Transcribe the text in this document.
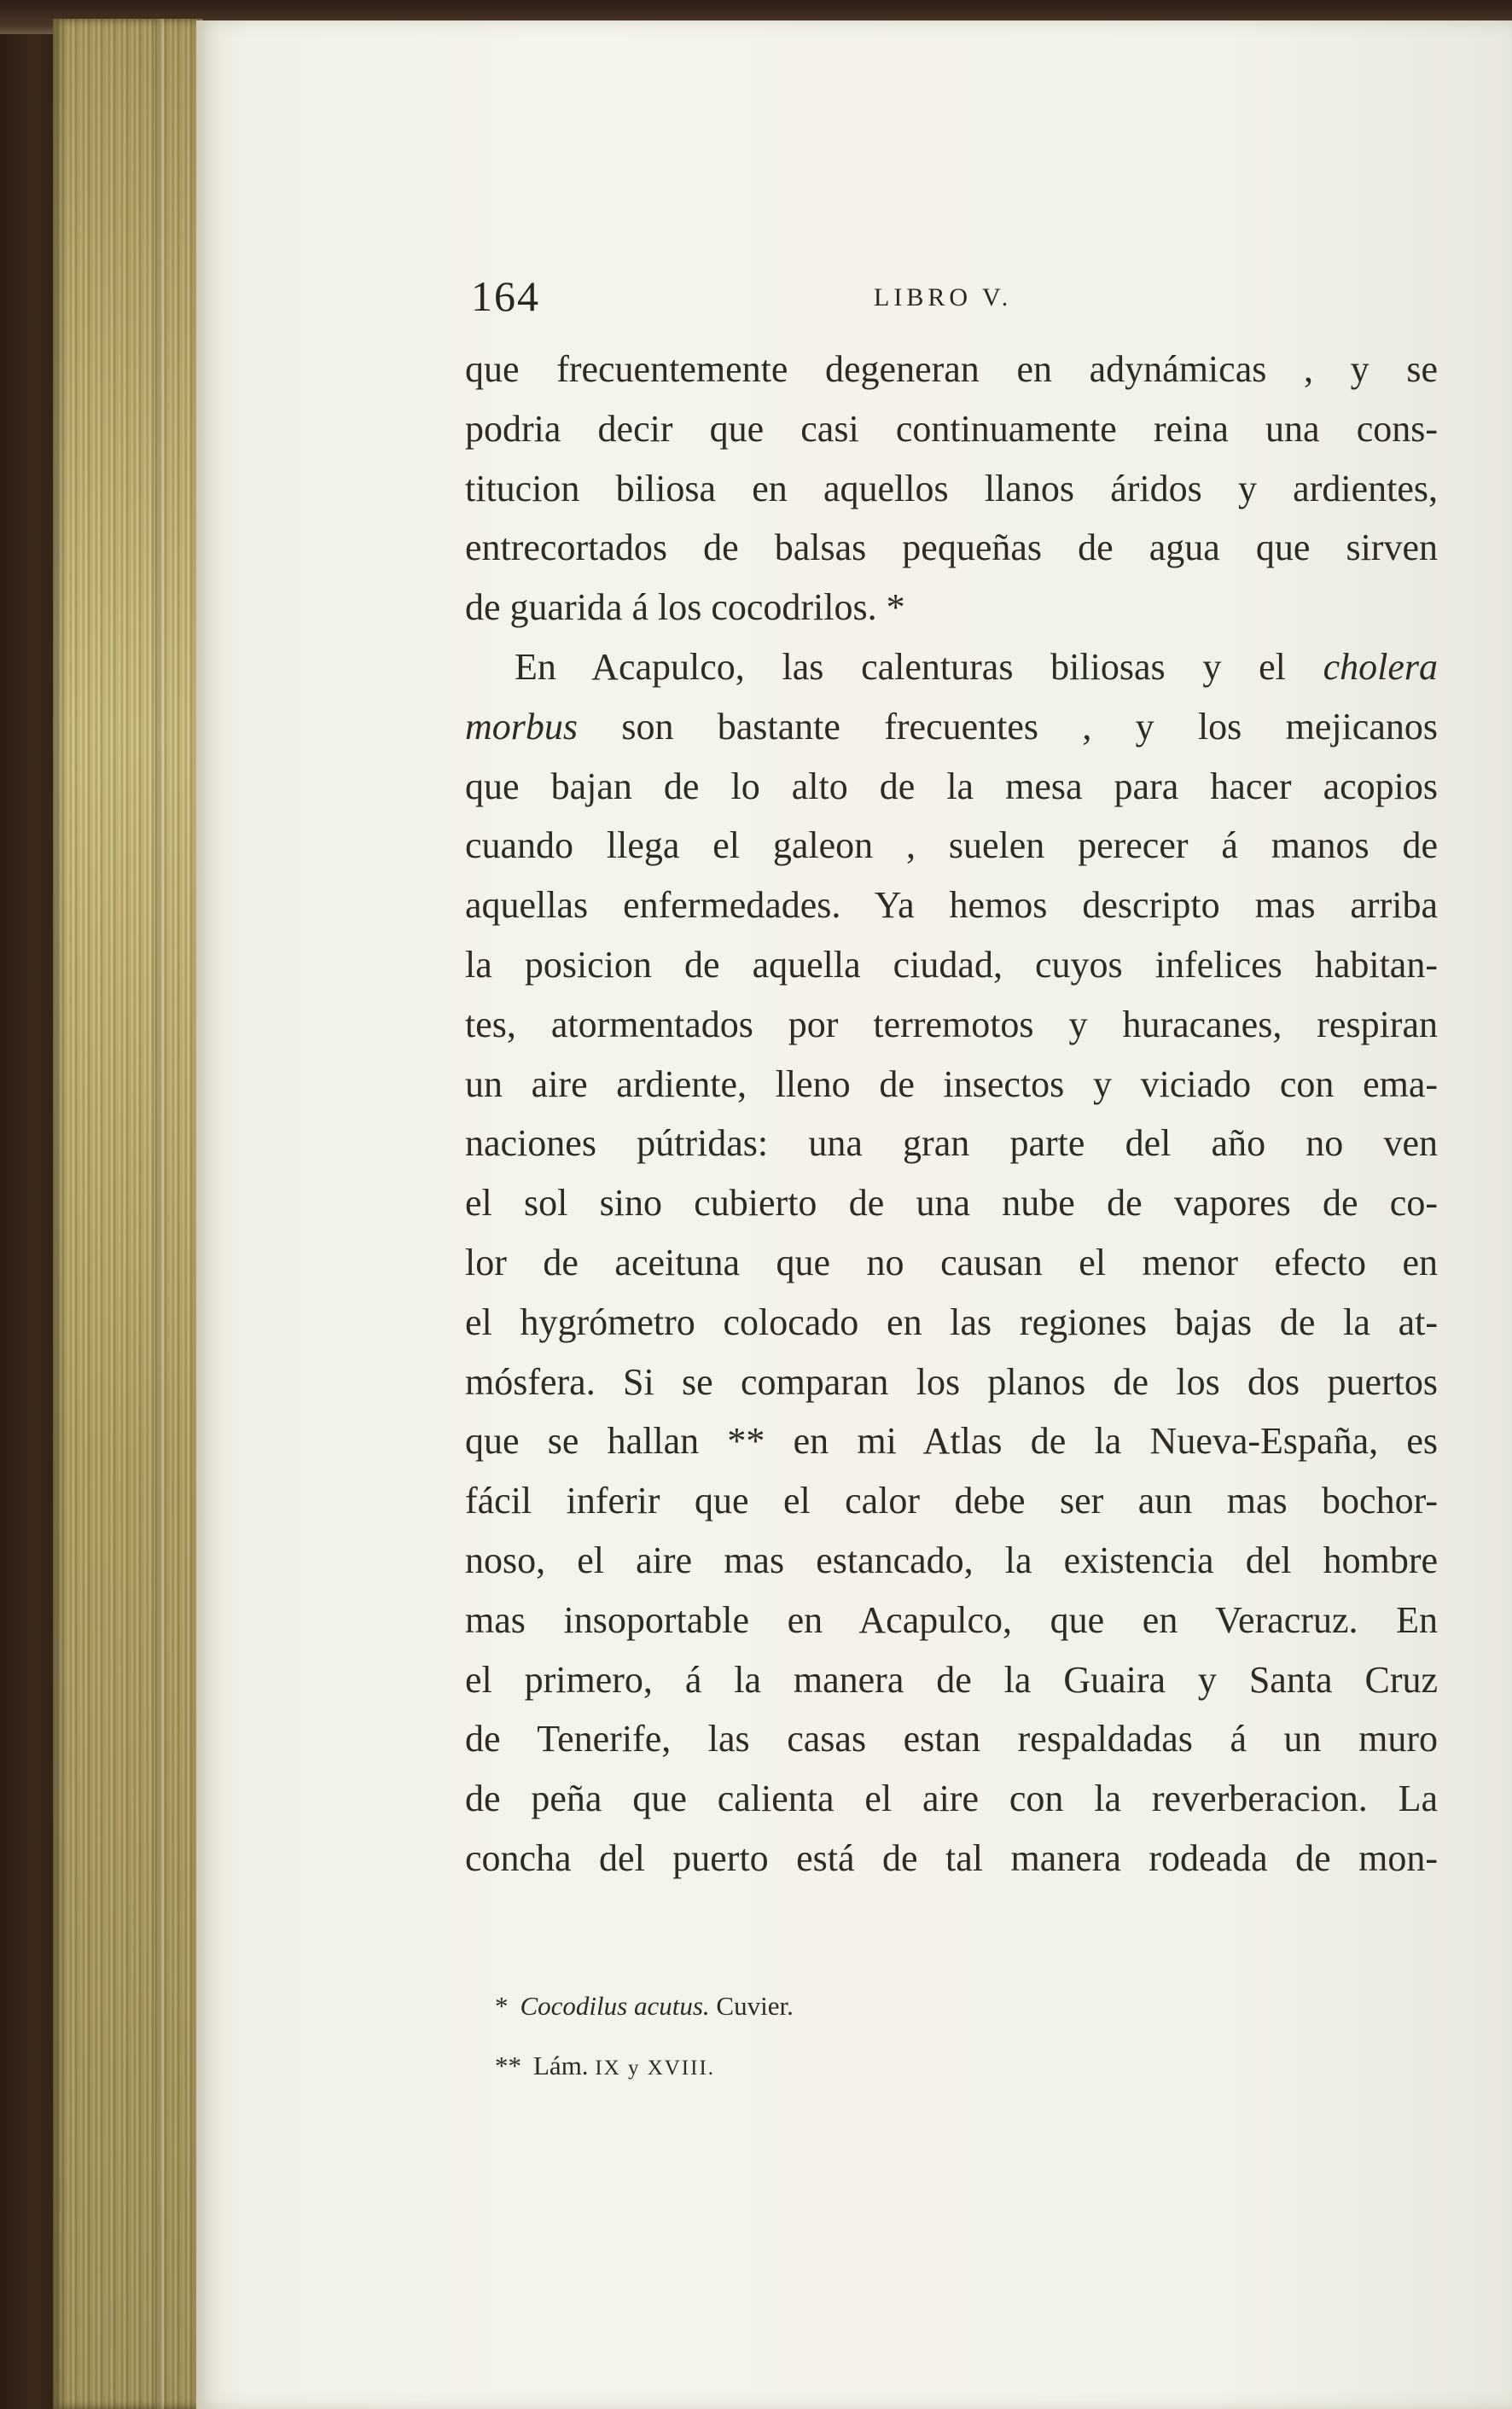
164	LIBRO V.
que frecuentemente degeneran en adynámicas , y se
podria decir que casi continuamente reina una cons-
titucion biliosa en aquellos llanos áridos y ardientes,
entrecortados de balsas pequeñas de agua que sirven
de guarida á los cocodrilos. *
En Acapulco, las calenturas biliosas y el cholera
morbus son bastante frecuentes , y los mejicanos
que bajan de lo alto de la mesa para hacer acopios
cuando llega el galeon , suelen perecer á manos de
aquellas enfermedades. Ya hemos descripto mas arriba
la posicion de aquella ciudad, cuyos infelices habitan-
tes, atormentados por terremotos y huracanes, respiran
un aire ardiente, lleno de insectos y viciado con ema-
naciones pútridas: una gran parte del año no ven
el sol sino cubierto de una nube de vapores de co-
lor de aceituna que no causan el menor efecto en
el hygrómetro colocado en las regiones bajas de la at-
mósfera. Si se comparan los planos de los dos puertos
que se hallan ** en mi Atlas de la Nueva-España, es
fácil inferir que el calor debe ser aun mas bochor-
noso, el aire mas estancado, la existencia del hombre
mas insoportable en Acapulco, que en Veracruz. En
el primero, á la manera de la Guaira y Santa Cruz
de Tenerife, las casas estan respaldadas á un muro
de peña que calienta el aire con la reverberacion. La
concha del puerto está de tal manera rodeada de mon-
* Cocodilus acutus. Cuvier.
** Lám. IX y XVIII.
